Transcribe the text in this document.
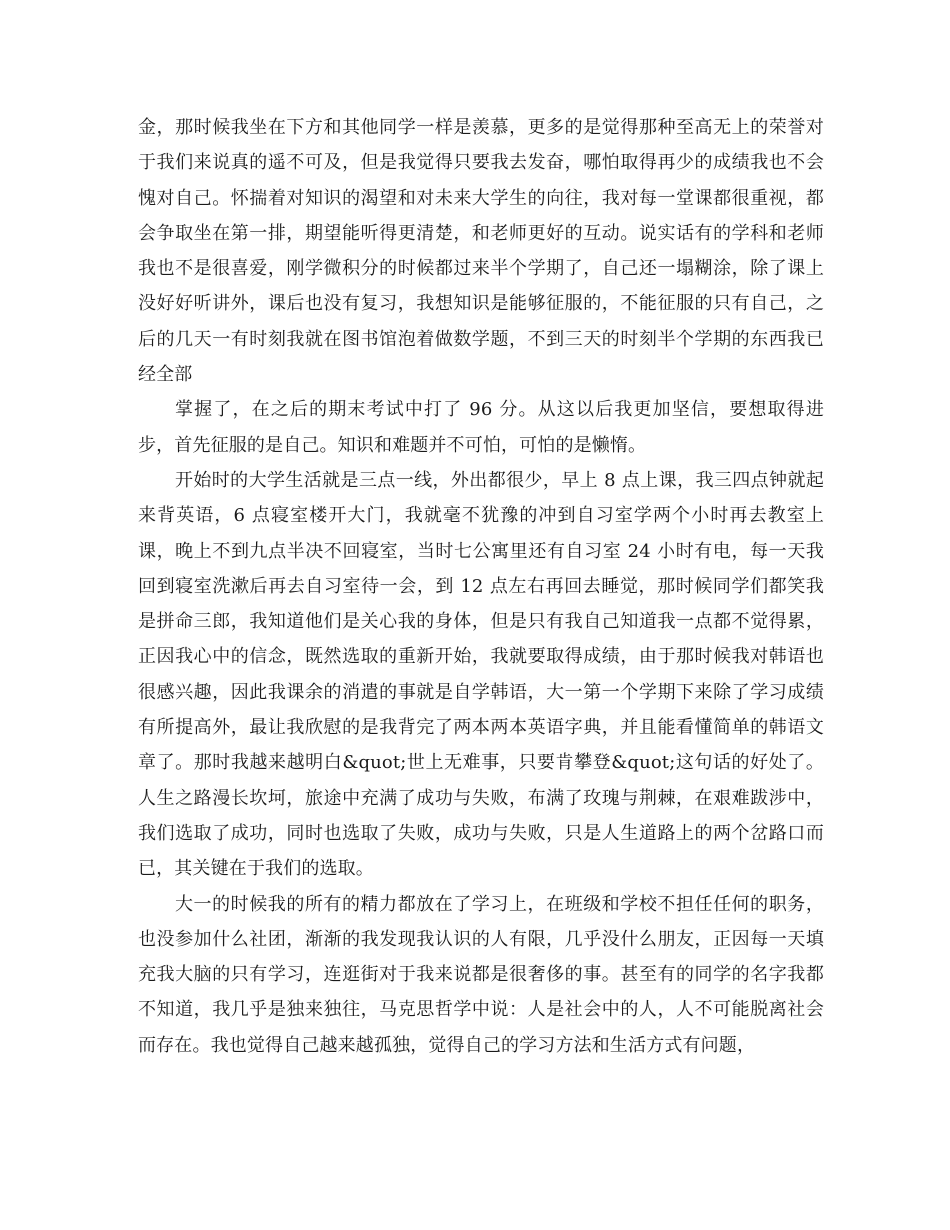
金，那时候我坐在下方和其他同学一样是羡慕，更多的是觉得那种至高无上的荣誉对于我们来说真的遥不可及，但是我觉得只要我去发奋，哪怕取得再少的成绩我也不会愧对自己。怀揣着对知识的渴望和对未来大学生的向往，我对每一堂课都很重视，都会争取坐在第一排，期望能听得更清楚，和老师更好的互动。说实话有的学科和老师我也不是很喜爱，刚学微积分的时候都过来半个学期了，自己还一塌糊涂，除了课上没好好听讲外，课后也没有复习，我想知识是能够征服的，不能征服的只有自己，之后的几天一有时刻我就在图书馆泡着做数学题，不到三天的时刻半个学期的东西我已经全部

掌握了，在之后的期末考试中打了 96 分。从这以后我更加坚信，要想取得进步，首先征服的是自己。知识和难题并不可怕，可怕的是懒惰。

开始时的大学生活就是三点一线，外出都很少，早上 8 点上课，我三四点钟就起来背英语，6 点寝室楼开大门，我就毫不犹豫的冲到自习室学两个小时再去教室上课，晚上不到九点半决不回寝室，当时七公寓里还有自习室 24 小时有电，每一天我回到寝室洗漱后再去自习室待一会，到 12 点左右再回去睡觉，那时候同学们都笑我是拼命三郎，我知道他们是关心我的身体，但是只有我自己知道我一点都不觉得累，正因我心中的信念，既然选取的重新开始，我就要取得成绩，由于那时候我对韩语也很感兴趣，因此我课余的消遣的事就是自学韩语，大一第一个学期下来除了学习成绩有所提高外，最让我欣慰的是我背完了两本两本英语字典，并且能看懂简单的韩语文章了。那时我越来越明白&quot;世上无难事，只要肯攀登&quot;这句话的好处了。人生之路漫长坎坷，旅途中充满了成功与失败，布满了玫瑰与荆棘，在艰难跋涉中，我们选取了成功，同时也选取了失败，成功与失败，只是人生道路上的两个岔路口而已，其关键在于我们的选取。

大一的时候我的所有的精力都放在了学习上，在班级和学校不担任任何的职务，也没参加什么社团，渐渐的我发现我认识的人有限，几乎没什么朋友，正因每一天填充我大脑的只有学习，连逛街对于我来说都是很奢侈的事。甚至有的同学的名字我都不知道，我几乎是独来独往，马克思哲学中说：人是社会中的人，人不可能脱离社会而存在。我也觉得自己越来越孤独，觉得自己的学习方法和生活方式有问题，
